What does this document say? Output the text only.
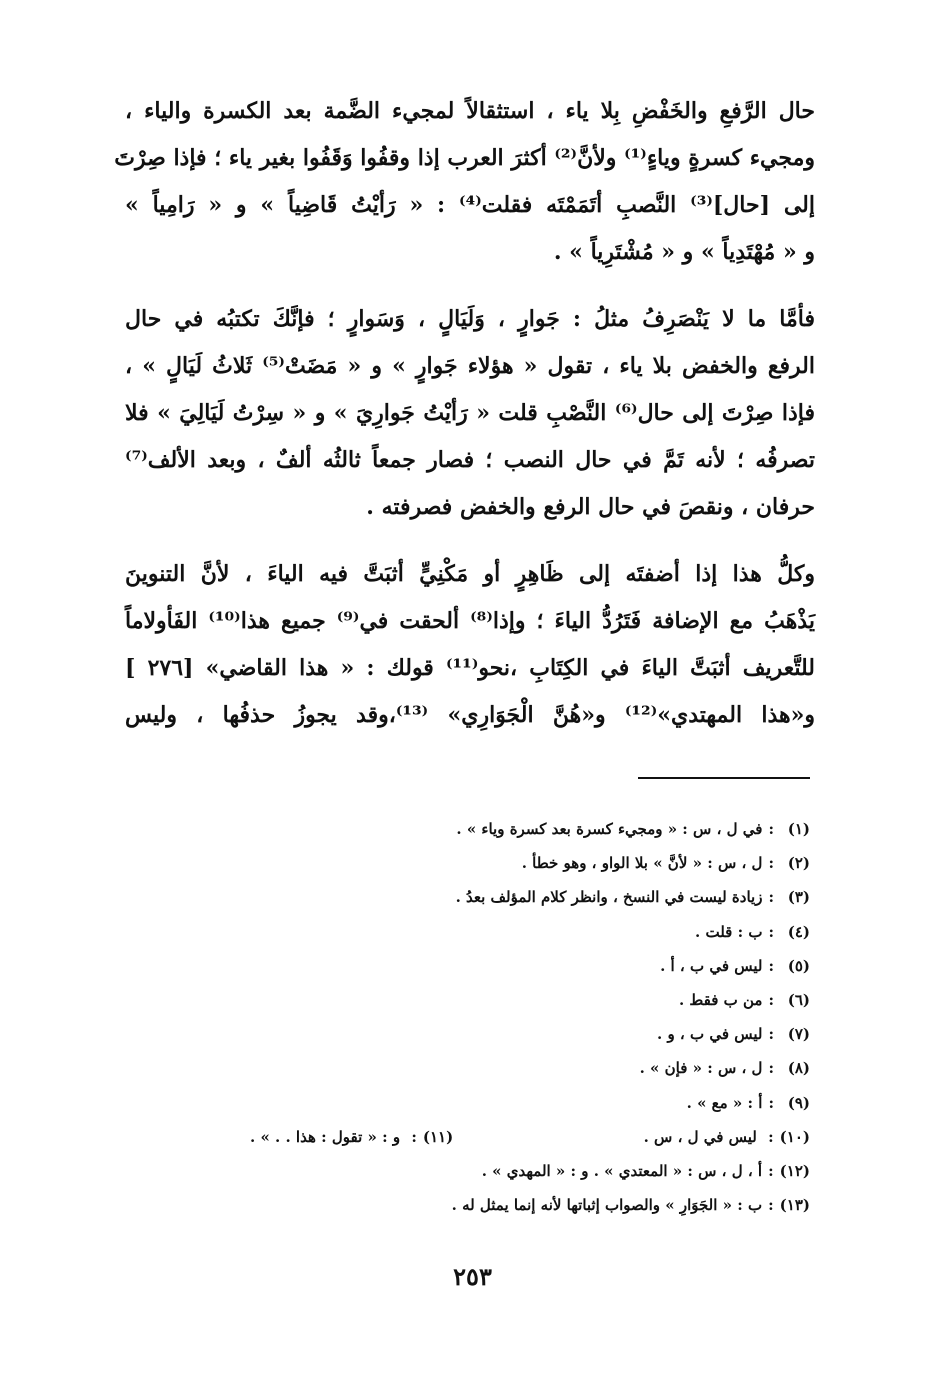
حال الرَّفعِ والخَفْضِ بِلا ياء ، استثقالاً لمجيء الضَّمة بعد الكسرة والياء ،
ومجيء كسرةٍ وياءٍ⁽¹⁾ ولأنَّ⁽²⁾ أكثرَ العرب إذا وقفُوا وَقَفُوا بغير ياء ؛ فإذا صِرْتَ
إلى [حال]⁽³⁾ النَّصبِ أتَمَمْتَه فقلت⁽⁴⁾ : « رَأيْتُ قَاضِياً » و « رَامِياً »
و « مُهْتَدِياً » و « مُشْتَرِياً » .
فأمَّا ما لا يَنْصَرِفُ مثلُ : جَوارٍ ، وَلَيَالٍ ، وَسَوارٍ ؛ فإنَّكَ تكتبُه في حال
الرفع والخفض بلا ياء ، تقول « هؤلاء جَوارٍ » و « مَضَتْ⁽⁵⁾ ثَلاثُ لَيَالٍ » ،
فإذا صِرْتَ إلى حال⁽⁶⁾ النَّصْبِ قلت « رَأيْتُ جَوارِيَ » و « سِرْتُ لَيَالِيَ » فلا
تصرفُه ؛ لأنه تَمَّ في حال النصب ؛ فصار جمعاً ثالثُه ألفٌ ، وبعد الألف⁽⁷⁾
حرفان ، ونقصَ في حال الرفع والخفض فصرفته .
وكلُّ هذا إذا أضفتَه إلى ظَاهِرٍ أو مَكْنِيٍّ أثبَتَّ فيه الياءَ ، لأنَّ التنوينَ
يَذْهَبُ مع الإضافة فَتَرُدُّ الياءَ ؛ وإذا⁽⁸⁾ ألحقت في⁽⁹⁾ جميع هذا⁽¹⁰⁾ الفَأولاماً
للتَّعريف أثبَتَّ الياءَ في الكِتَابِ ،نحو⁽¹¹⁾ قولك : « هذا القاضي» [٢٧٦ ]
و«هذا المهتدي»⁽¹²⁾ و«هُنَّ الْجَوَارِي» ⁽¹³⁾،وقد يجوزُ حذفُها ، وليس
(١)
:
في ل ، س : « ومجيء كسرة بعد كسرة وياء » .
(٢)
:
ل ، س : « لأنَّ » بلا الواو ، وهو خطأ .
(٣)
:
زيادة ليست في النسخ ، وانظر كلام المؤلف بعدُ .
(٤)
:
ب : قلت .
(٥)
:
ليس في ب ، أ .
(٦)
:
من ب فقط .
(٧)
:
ليس في ب ، و .
(٨)
:
ل ، س : « فإن » .
(٩)
:
أ : « مع » .
(١٠): ليس في ل ، س .
(١١): و : « تقول : هذا . . » .
(١٢)
:
أ ، ل ، س : « المعتدي » . و : « المهدي » .
(١٣)
:
ب : « الجَوَارِ » والصواب إثباتها لأنه إنما يمثل له .
٢٥٣
